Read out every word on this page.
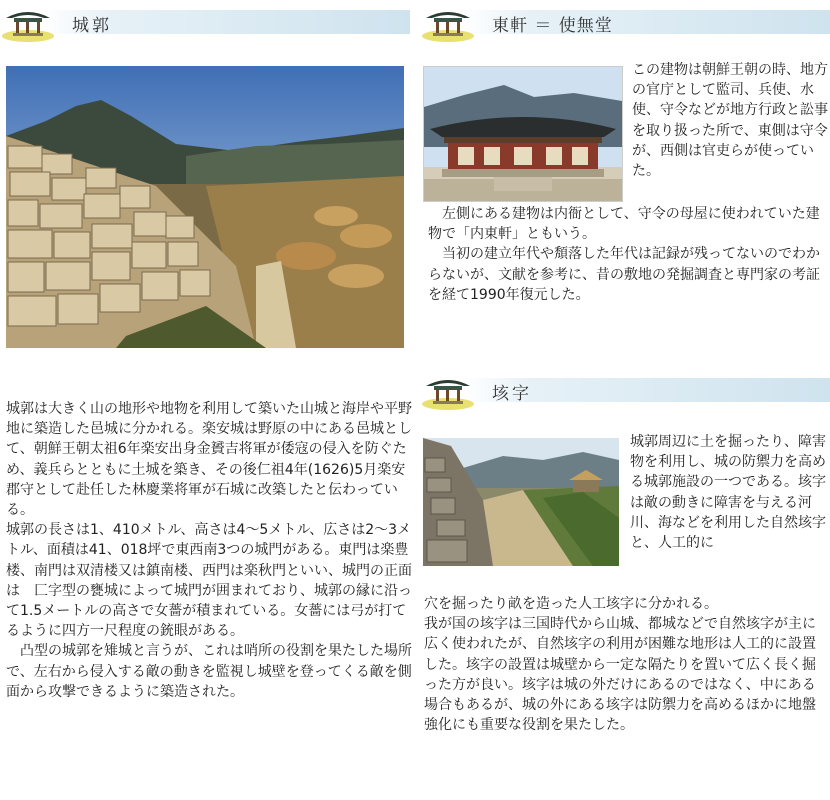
城郭

城郭は大きく山の地形や地物を利用して築いた山城と海岸や平野地に築造した邑城に分かれる。楽安城は野原の中にある邑城として、朝鮮王朝太祖6年楽安出身金贇吉将軍が倭寇の侵入を防ぐため、義兵らとともに土城を築き、その後仁祖4年(1626)5月楽安郡守として赴任した林慶業将軍が石城に改築したと伝わっている。

城郭の長さは1、410メトル、高さは4～5メトル、広さは2～3メトル、面積は41、018坪で東西南3つの城門がある。東門は楽豊楼、南門は双清楼又は鎮南楼、西門は楽秋門といい、城門の正面は　匚字型の甕城によって城門が囲まれており、城郭の縁に沿って1.5メートルの高さで女薔が積まれている。女薔には弓が打てるように四方一尺程度の銃眼がある。

　凸型の城郭を雉城と言うが、これは哨所の役割を果たした場所で、左右から侵入する敵の動きを監視し城壁を登ってくる敵を側面から攻撃できるように築造された。

東軒 ＝ 使無堂

この建物は朝鮮王朝の時、地方の官庁として監司、兵使、水使、守令などが地方行政と訟事を取り扱った所で、東側は守令が、西側は官吏らが使っていた。

　左側にある建物は内衙として、守令の母屋に使われていた建物で「内東軒」ともいう。

　当初の建立年代や頽落した年代は記録が残ってないのでわからないが、文献を参考に、昔の敷地の発掘調査と専門家の考証を経て1990年復元した。

垓字

城郭周辺に土を掘ったり、障害物を利用し、城の防禦力を高める城郭施設の一つである。垓字は敵の動きに障害を与える河川、海などを利用した自然垓字と、人工的に

穴を掘ったり畝を造った人工垓字に分かれる。

我が国の垓字は三国時代から山城、都城などで自然垓字が主に広く使われたが、自然垓字の利用が困難な地形は人工的に設置した。垓字の設置は城壁から一定な隔たりを置いて広く長く掘った方が良い。垓字は城の外だけにあるのではなく、中にある場合もあるが、城の外にある垓字は防禦力を高めるほかに地盤強化にも重要な役割を果たした。
